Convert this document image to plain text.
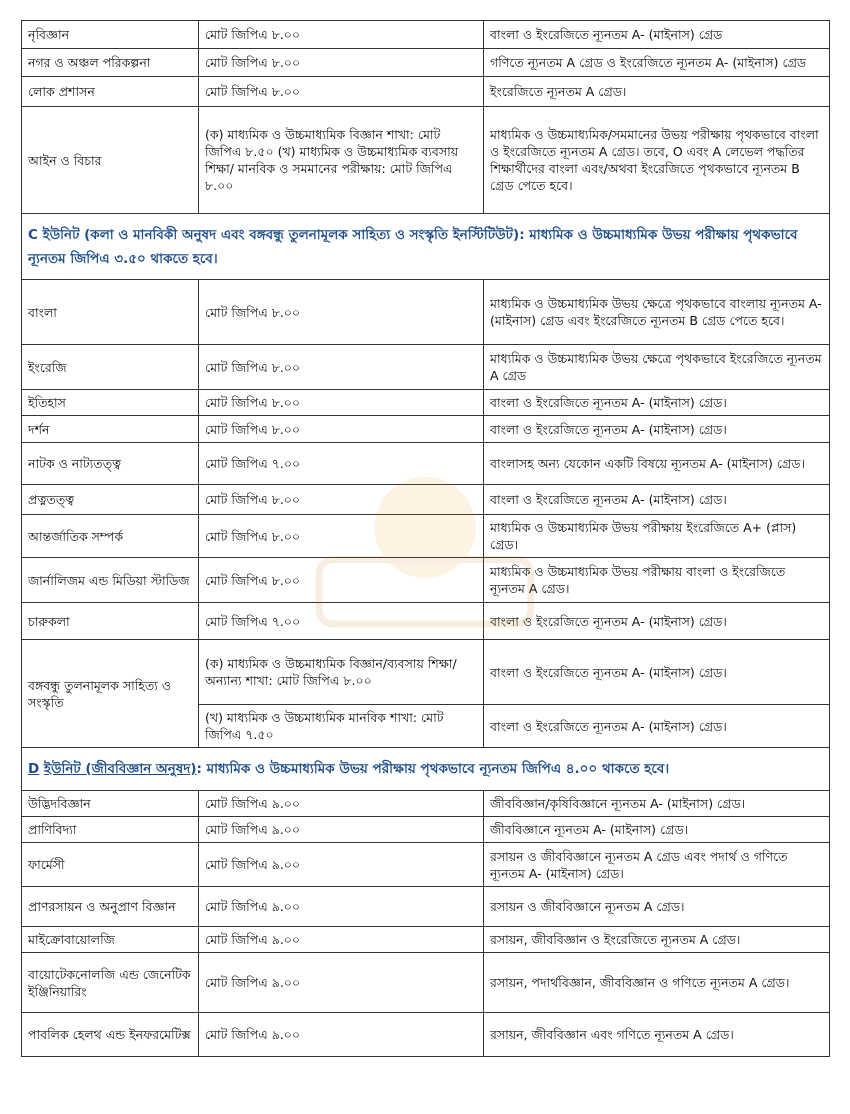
নৃবিজ্ঞান	মোট জিপিএ ৮.০০	বাংলা ও ইংরেজিতে ন্যূনতম A- (মাইনাস) গ্রেড
নগর ও অঞ্চল পরিকল্পনা	মোট জিপিএ ৮.০০	গণিতে ন্যূনতম A গ্রেড ও ইংরেজিতে ন্যূনতম A- (মাইনাস) গ্রেড
লোক প্রশাসন	মোট জিপিএ ৮.০০	ইংরেজিতে ন্যূনতম A গ্রেড।
আইন ও বিচার	(ক) মাধ্যমিক ও উচ্চমাধ্যমিক বিজ্ঞান শাখা: মোট জিপিএ ৮.৫০ (খ) মাধ্যমিক ও উচ্চমাধ্যমিক ব্যবসায় শিক্ষা/ মানবিক ও সমমানের পরীক্ষায়: মোট জিপিএ ৮.০০	মাধ্যমিক ও উচ্চমাধ্যমিক/সমমানের উভয় পরীক্ষায় পৃথকভাবে বাংলা ও ইংরেজিতে ন্যূনতম A গ্রেড। তবে, O এবং A লেভেল পদ্ধতির শিক্ষার্থীদের বাংলা এবং/অথবা ইংরেজিতে পৃথকভাবে ন্যূনতম B গ্রেড পেতে হবে।
C ইউনিট (কলা ও মানবিকী অনুষদ এবং বঙ্গবন্ধু তুলনামূলক সাহিত্য ও সংস্কৃতি ইনস্টিটিউট): মাধ্যমিক ও উচ্চমাধ্যমিক উভয় পরীক্ষায় পৃথকভাবে ন্যূনতম জিপিএ ৩.৫০ থাকতে হবে।		
বাংলা	মোট জিপিএ ৮.০০	মাধ্যমিক ও উচ্চমাধ্যমিক উভয় ক্ষেত্রে পৃথকভাবে বাংলায় ন্যূনতম A- (মাইনাস) গ্রেড এবং ইংরেজিতে ন্যূনতম B গ্রেড পেতে হবে।
ইংরেজি	মোট জিপিএ ৮.০০	মাধ্যমিক ও উচ্চমাধ্যমিক উভয় ক্ষেত্রে পৃথকভাবে ইংরেজিতে ন্যূনতম A গ্রেড
ইতিহাস	মোট জিপিএ ৮.০০	বাংলা ও ইংরেজিতে ন্যূনতম A- (মাইনাস) গ্রেড।
দর্শন	মোট জিপিএ ৮.০০	বাংলা ও ইংরেজিতে ন্যূনতম A- (মাইনাস) গ্রেড।
নাটক ও নাট্যতত্ত্ব	মোট জিপিএ ৭.০০	বাংলাসহ অন্য যেকোন একটি বিষয়ে ন্যূনতম A- (মাইনাস) গ্রেড।
প্রত্নতত্ত্ব	মোট জিপিএ ৮.০০	বাংলা ও ইংরেজিতে ন্যূনতম A- (মাইনাস) গ্রেড।
আন্তর্জাতিক সম্পর্ক	মোট জিপিএ ৮.০০	মাধ্যমিক ও উচ্চমাধ্যমিক উভয় পরীক্ষায় ইংরেজিতে A+ (প্লাস) গ্রেড।
জার্নালিজম এন্ড মিডিয়া স্টাডিজ	মোট জিপিএ ৮.০০	মাধ্যমিক ও উচ্চমাধ্যমিক উভয় পরীক্ষায় বাংলা ও ইংরেজিতে ন্যূনতম A গ্রেড।
চারুকলা	মোট জিপিএ ৭.০০	বাংলা ও ইংরেজিতে ন্যূনতম A- (মাইনাস) গ্রেড।
বঙ্গবন্ধু তুলনামূলক সাহিত্য ও সংস্কৃতি	(ক) মাধ্যমিক ও উচ্চমাধ্যমিক বিজ্ঞান/ব্যবসায় শিক্ষা/ অন্যান্য শাখা: মোট জিপিএ ৮.০০	বাংলা ও ইংরেজিতে ন্যূনতম A- (মাইনাস) গ্রেড।
	(খ) মাধ্যমিক ও উচ্চমাধ্যমিক মানবিক শাখা: মোট জিপিএ ৭.৫০	বাংলা ও ইংরেজিতে ন্যূনতম A- (মাইনাস) গ্রেড।
D ইউনিট (জীববিজ্ঞান অনুষদ): মাধ্যমিক ও উচ্চমাধ্যমিক উভয় পরীক্ষায় পৃথকভাবে ন্যূনতম জিপিএ ৪.০০ থাকতে হবে।		
উদ্ভিদবিজ্ঞান	মোট জিপিএ ৯.০০	জীববিজ্ঞান/কৃষিবিজ্ঞানে ন্যূনতম A- (মাইনাস) গ্রেড।
প্রাণিবিদ্যা	মোট জিপিএ ৯.০০	জীববিজ্ঞানে ন্যূনতম A- (মাইনাস) গ্রেড।
ফার্মেসী	মোট জিপিএ ৯.০০	রসায়ন ও জীববিজ্ঞানে ন্যূনতম A গ্রেড এবং পদার্থ ও গণিতে ন্যূনতম A- (মাইনাস) গ্রেড।
প্রাণরসায়ন ও অনুপ্রাণ বিজ্ঞান	মোট জিপিএ ৯.০০	রসায়ন ও জীববিজ্ঞানে ন্যূনতম A গ্রেড।
মাইক্রোবায়োলজি	মোট জিপিএ ৯.০০	রসায়ন, জীববিজ্ঞান ও ইংরেজিতে ন্যূনতম A গ্রেড।
বায়োটেকনোলজি এন্ড জেনেটিক ইঞ্জিনিয়ারিং	মোট জিপিএ ৯.০০	রসায়ন, পদার্থবিজ্ঞান, জীববিজ্ঞান ও গণিতে ন্যূনতম A গ্রেড।
পাবলিক হেলথ এন্ড ইনফরমেটিক্স	মোট জিপিএ ৯.০০	রসায়ন, জীববিজ্ঞান এবং গণিতে ন্যূনতম A গ্রেড।
